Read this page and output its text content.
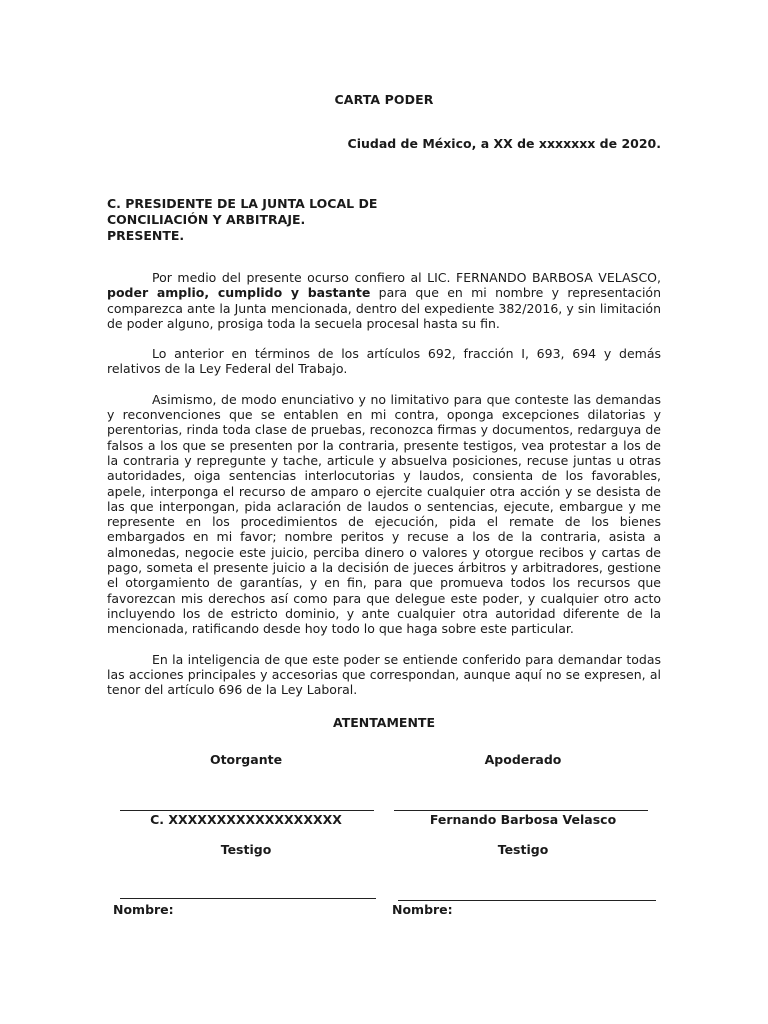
CARTA PODER
Ciudad de México, a XX de xxxxxxx de 2020.
C. PRESIDENTE DE LA JUNTA LOCAL DE
CONCILIACIÓN Y ARBITRAJE.
PRESENTE.

Por medio del presente ocurso confiero al LIC. FERNANDO BARBOSA VELASCO, poder amplio, cumplido y bastante para que en mi nombre y representación comparezca ante la Junta mencionada, dentro del expediente 382/2016, y sin limitación de poder alguno, prosiga toda la secuela procesal hasta su fin.

Lo anterior en términos de los artículos 692, fracción I, 693, 694 y demás relativos de la Ley Federal del Trabajo.

Asimismo, de modo enunciativo y no limitativo para que conteste las demandas y reconvenciones que se entablen en mi contra, oponga excepciones dilatorias y perentorias, rinda toda clase de pruebas, reconozca firmas y documentos, redarguya de falsos a los que se presenten por la contraria, presente testigos, vea protestar a los de la contraria y repregunte y tache, articule y absuelva posiciones, recuse juntas u otras autoridades, oiga sentencias interlocutorias y laudos, consienta de los favorables, apele, interponga el recurso de amparo o ejercite cualquier otra acción y se desista de las que interpongan, pida aclaración de laudos o sentencias, ejecute, embargue y me represente en los procedimientos de ejecución, pida el remate de los bienes embargados en mi favor; nombre peritos y recuse a los de la contraria, asista a almonedas, negocie este juicio, perciba dinero o valores y otorgue recibos y cartas de pago, someta el presente juicio a la decisión de jueces árbitros y arbitradores, gestione el otorgamiento de garantías, y en fin, para que promueva todos los recursos que favorezcan mis derechos así como para que delegue este poder, y cualquier otro acto incluyendo los de estricto dominio, y ante cualquier otra autoridad diferente de la mencionada, ratificando desde hoy todo lo que haga sobre este particular.

En la inteligencia de que este poder se entiende conferido para demandar todas las acciones principales y accesorias que correspondan, aunque aquí no se expresen, al tenor del artículo 696 de la Ley Laboral.

ATENTAMENTE
Otorgante	Apoderado
C. XXXXXXXXXXXXXXXXXX	Fernando Barbosa Velasco
Testigo	Testigo
Nombre:	Nombre:
